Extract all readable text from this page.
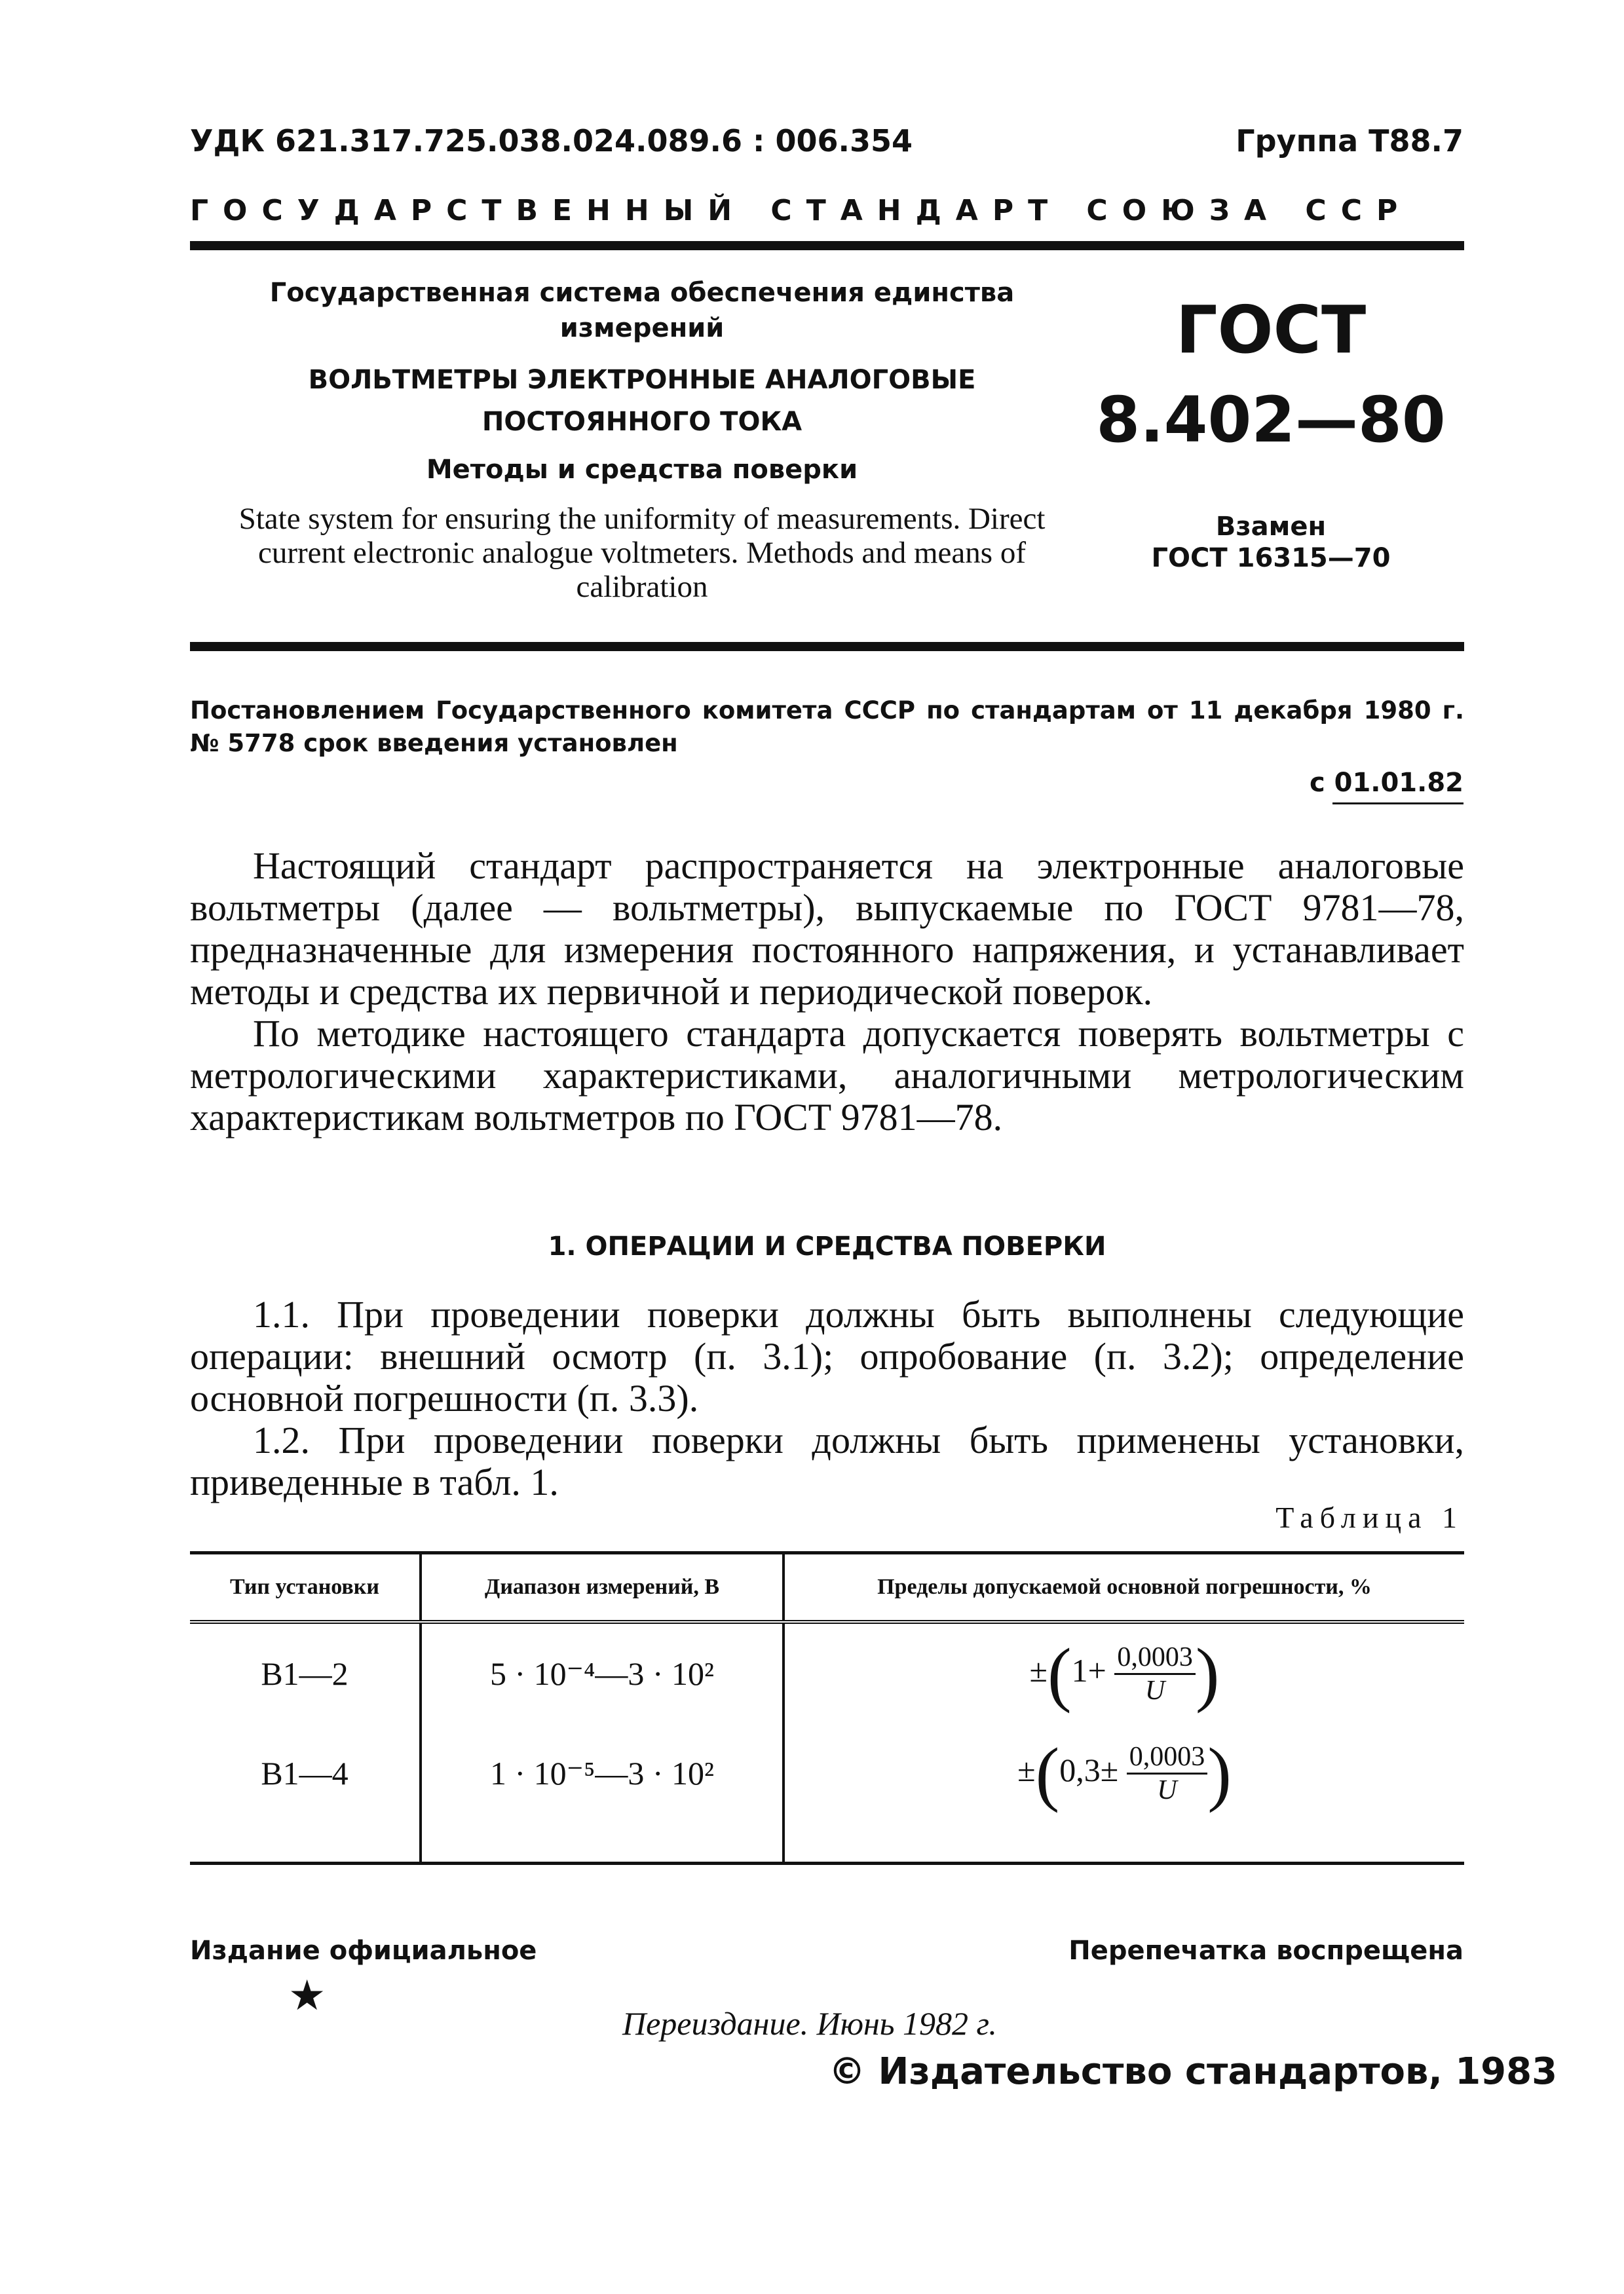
УДК 621.317.725.038.024.089.6 : 006.354	Группа Т88.7
ГОСУДАРСТВЕННЫЙ СТАНДАРТ СОЮЗА ССР
Государственная система обеспечения единства измерений
ВОЛЬТМЕТРЫ ЭЛЕКТРОННЫЕ АНАЛОГОВЫЕ ПОСТОЯННОГО ТОКА
Методы и средства поверки
State system for ensuring the uniformity of measurements. Direct current electronic analogue voltmeters. Methods and means of calibration
ГОСТ
8.402—80
Взамен
ГОСТ 16315—70
Постановлением Государственного комитета СССР по стандартам от 11 декабря 1980 г. № 5778 срок введения установлен
с 01.01.82

Настоящий стандарт распространяется на электронные аналоговые вольтметры (далее — вольтметры), выпускаемые по ГОСТ 9781—78, предназначенные для измерения постоянного напряжения, и устанавливает методы и средства их первичной и периодической поверок.

По методике настоящего стандарта допускается поверять вольтметры с метрологическими характеристиками, аналогичными метрологическим характеристикам вольтметров по ГОСТ 9781—78.

1. ОПЕРАЦИИ И СРЕДСТВА ПОВЕРКИ

1.1. При проведении поверки должны быть выполнены следующие операции: внешний осмотр (п. 3.1); опробование (п. 3.2); определение основной погрешности (п. 3.3).

1.2. При проведении поверки должны быть применены установки, приведенные в табл. 1.

Таблица 1
Тип установки	Диапазон измерений, В	Пределы допускаемой основной погрешности, %
В1—2	5 · 10⁻⁴—3 · 10²	$\pm(1+ \frac{0,0003}{U}$ )
В1—4	1 · 10⁻⁵—3 · 10²	$\pm(0,3\pm \frac{0,0003}{U}$ )
Издание официальное	Перепечатка воспрещена
★
Переиздание. Июнь 1982 г.
© Издательство стандартов, 1983
